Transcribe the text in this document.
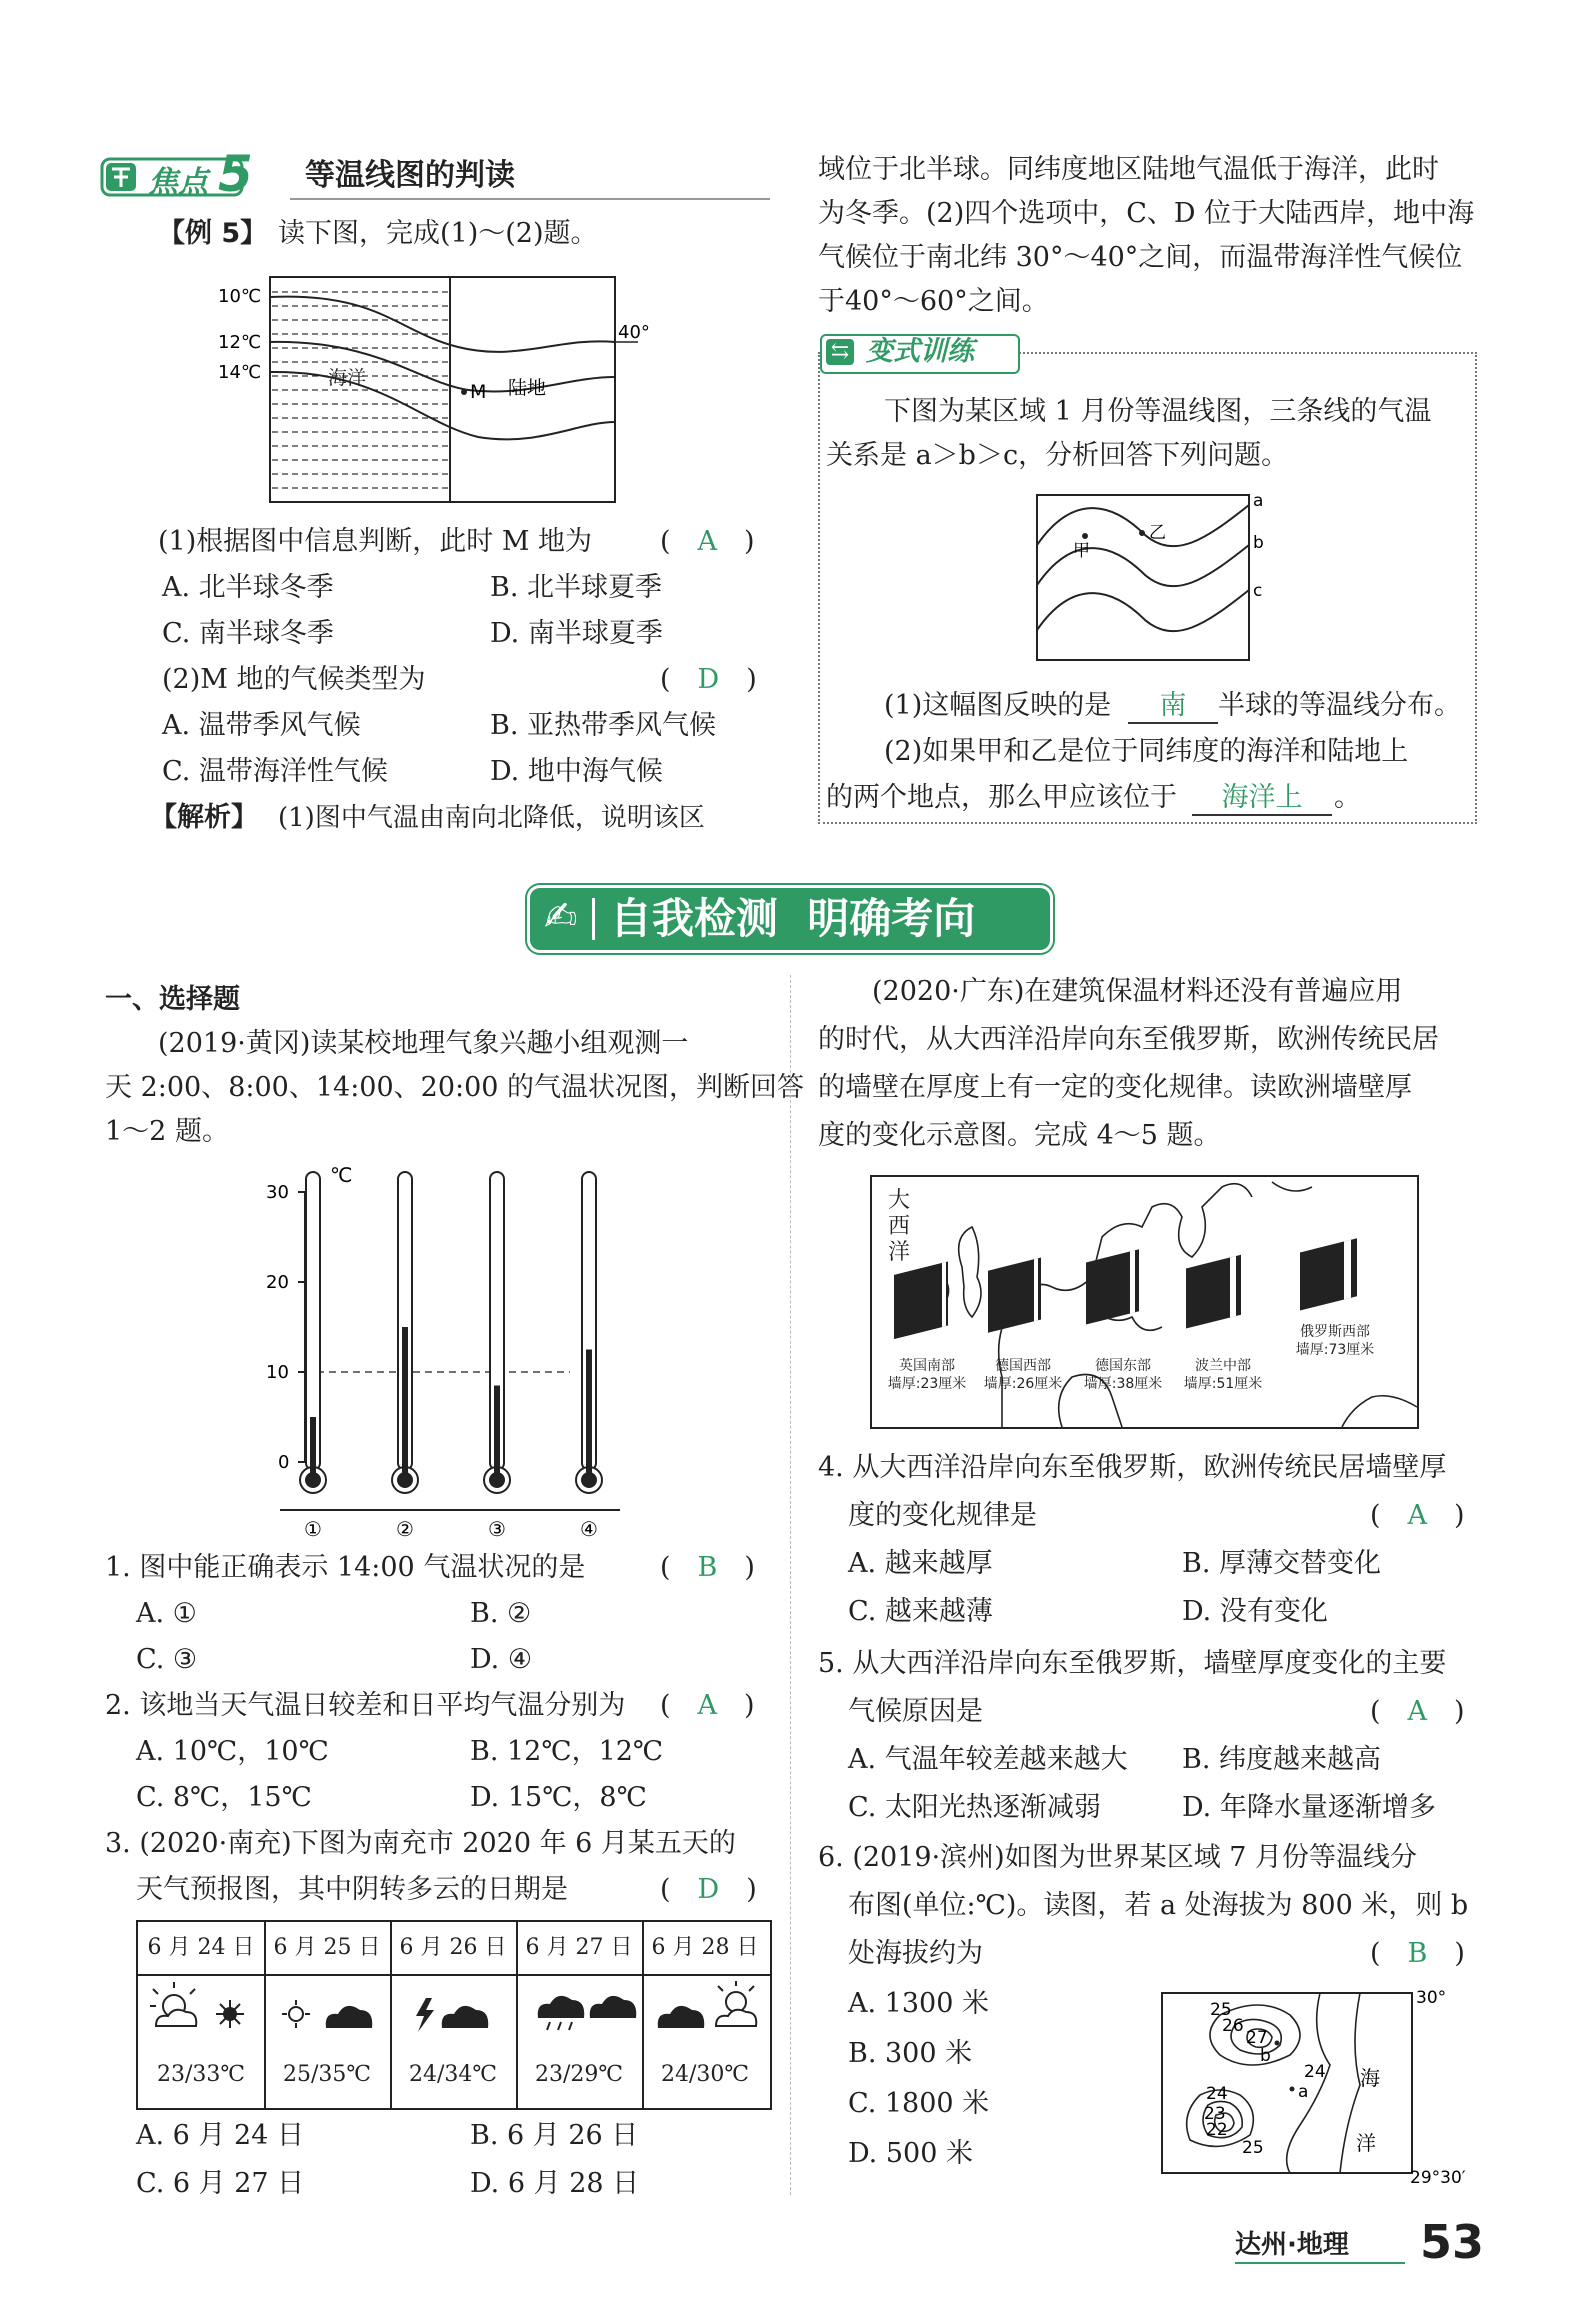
焦点 5 等温线图的判读
【例 5】 读下图，完成(1)～(2)题。
10℃
12℃
14℃
40°
海洋
M 陆地
(1)根据图中信息判断，此时 M 地为	(　A　)
A. 北半球冬季	B. 北半球夏季
C. 南半球冬季	D. 南半球夏季
(2)M 地的气候类型为	(　D　)
A. 温带季风气候	B. 亚热带季风气候
C. 温带海洋性气候	D. 地中海气候
【解析】 (1)图中气温由南向北降低，说明该区
域位于北半球。同纬度地区陆地气温低于海洋，此时
为冬季。(2)四个选项中，C、D 位于大陆西岸，地中海
气候位于南北纬 30°～40°之间，而温带海洋性气候位
于40°～60°之间。
⇆ 变式训练
下图为某区域 1 月份等温线图，三条线的气温
关系是 a＞b＞c，分析回答下列问题。
a
b
c
甲
乙
(1)这幅图反映的是	南	半球的等温线分布。
(2)如果甲和乙是位于同纬度的海洋和陆地上
的两个地点，那么甲应该位于	海洋上	。
✍ 自我检测  明确考向
一、选择题
(2019·黄冈)读某校地理气象兴趣小组观测一
天 2:00、8:00、14:00、20:00 的气温状况图，判断回答
1～2 题。
℃
30
20
10
0
①	②	③	④
1. 图中能正确表示 14:00 气温状况的是	(　B　)
A. ①	B. ②
C. ③	D. ④
2. 该地当天气温日较差和日平均气温分别为 (　A　)
A. 10℃，10℃	B. 12℃，12℃
C. 8℃，15℃	D. 15℃，8℃
3. (2020·南充)下图为南充市 2020 年 6 月某五天的
天气预报图，其中阴转多云的日期是	(　D　)
6 月 24 日 6 月 25 日 6 月 26 日 6 月 27 日 6 月 28 日
23/33℃	25/35℃	24/34℃	23/29℃	24/30℃
A. 6 月 24 日	B. 6 月 26 日
C. 6 月 27 日	D. 6 月 28 日
(2020·广东)在建筑保温材料还没有普遍应用
的时代，从大西洋沿岸向东至俄罗斯，欧洲传统民居
的墙壁在厚度上有一定的变化规律。读欧洲墙壁厚
度的变化示意图。完成 4～5 题。
大
西
洋
英国南部
墙厚:23厘米
德国西部
墙厚:26厘米
德国东部
墙厚:38厘米
波兰中部
墙厚:51厘米
俄罗斯西部
墙厚:73厘米
4. 从大西洋沿岸向东至俄罗斯，欧洲传统民居墙壁厚
度的变化规律是	(　A　)
A. 越来越厚	B. 厚薄交替变化
C. 越来越薄	D. 没有变化
5. 从大西洋沿岸向东至俄罗斯，墙壁厚度变化的主要
气候原因是	(　A　)
A. 气温年较差越来越大 B. 纬度越来越高
C. 太阳光热逐渐减弱	D. 年降水量逐渐增多
6. (2019·滨州)如图为世界某区域 7 月份等温线分
布图(单位:℃)。读图，若 a 处海拔为 800 米，则 b
处海拔约为	(　B　)
A. 1300 米
B. 300 米
C. 1800 米
D. 500 米
25
26
27
b
24
a
24
23
22
25
海
洋
30°
29°30′
达州·地理 53
